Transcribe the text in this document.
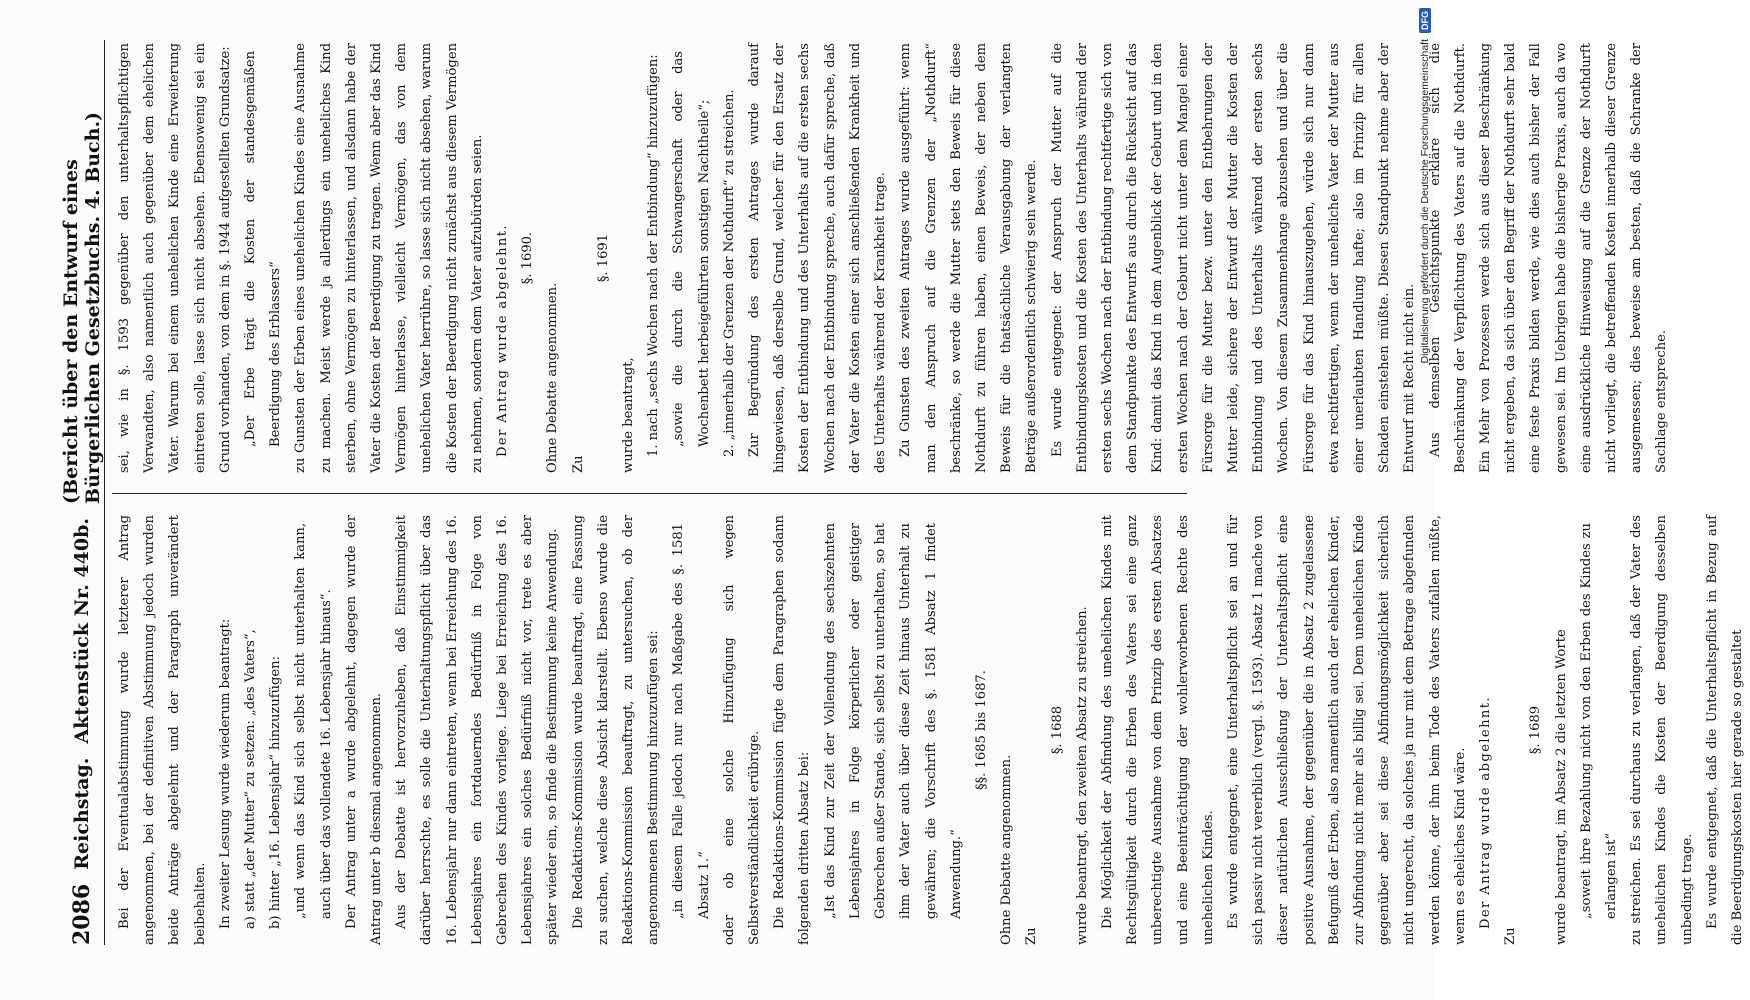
2086
Reichstag.
Aktenstück Nr. 440b.
(Bericht über den Entwurf eines Bürgerlichen Gesetzbuchs. 4. Buch.)

Bei der Eventualabstimmung wurde letzterer Antrag angenommen, bei der definitiven Abstimmung jedoch wurden beide Anträge abgelehnt und der Paragraph unverändert beibehalten. In zweiter Lesung wurde wiederum beantragt: a) statt „der Mutter“ zu setzen: „des Vaters“, b) hinter „16. Lebensjahr“ hinzuzufügen: „und wenn das Kind sich selbst nicht unterhalten kann, auch über das vollendete 16. Lebensjahr hinaus“. Der Antrag unter a wurde abgelehnt, dagegen wurde der Antrag unter b diesmal angenommen. Aus der Debatte ist hervorzuheben, daß Einstimmigkeit darüber herrschte, es solle die Unterhaltungspflicht über das 16. Lebensjahr nur dann eintreten, wenn bei Erreichung des 16. Lebensjahres ein fortdauerndes Bedürfniß in Folge von Gebrechen des Kindes vorliege. Liege bei Erreichung des 16. Lebensjahres ein solches Bedürfniß nicht vor, trete es aber später wieder ein, so finde die Bestimmung keine Anwendung. Die Redaktions-Kommission wurde beauftragt, eine Fassung zu suchen, welche diese Absicht klarstellt. Ebenso wurde die Redaktions-Kommission beauftragt, zu untersuchen, ob der angenommenen Bestimmung hinzuzufügen sei: „in diesem Falle jedoch nur nach Maßgabe des §. 1581 Absatz 1.“ oder ob eine solche Hinzufügung sich wegen Selbstverständlichkeit erübrige. Die Redaktions-Kommission fügte dem Paragraphen sodann folgenden dritten Absatz bei: „Ist das Kind zur Zeit der Vollendung des sechszehnten Lebensjahres in Folge körperlicher oder geistiger Gebrechen außer Stande, sich selbst zu unterhalten, so hat ihm der Vater auch über diese Zeit hinaus Unterhalt zu gewähren; die Vorschrift des §. 1581 Absatz 1 findet Anwendung.“

§§. 1685 bis 1687.

Ohne Debatte angenommen. Zu

§. 1688 wurde beantragt, den zweiten Absatz zu streichen. Die Möglichkeit der Abfindung des unehelichen Kindes mit Rechtsgültigkeit durch die Erben des Vaters sei eine ganz unberechtigte Ausnahme von dem Prinzip des ersten Absatzes und eine Beeinträchtigung der wohlerworbenen Rechte des unehelichen Kindes. Es wurde entgegnet, eine Unterhaltspflicht sei an und für sich passiv nicht vererblich (vergl. §. 1593). Absatz 1 mache von dieser natürlichen Ausschließung der Unterhaltspflicht eine positive Ausnahme, der gegenüber die in Absatz 2 zugelassene Befugniß der Erben, also namentlich auch der ehelichen Kinder, zur Abfindung nicht mehr als billig sei. Dem unehelichen Kinde gegenüber aber sei diese Abfindungsmöglichkeit sicherlich nicht ungerecht, da solches ja nur mit dem Betrage abgefunden werden könne, der ihm beim Tode des Vaters zufallen müßte, wenn es eheliches Kind wäre. Der Antrag wurde abgelehnt.

Zu

§. 1689 wurde beantragt, im Absatz 2 die letzten Worte „soweit ihre Bezahlung nicht von den Erben des Kindes zu erlangen ist“ zu streichen. Es sei durchaus zu verlangen, daß der Vater des unehelichen Kindes die Kosten der Beerdigung desselben unbedingt trage. Es wurde entgegnet, daß die Unterhaltspflicht in Bezug auf die Beerdigungskosten hier gerade so gestaltet

sei, wie in §. 1593 gegenüber den unterhaltspflichtigen Verwandten, also namentlich auch gegenüber dem ehelichen Vater. Warum bei einem unehelichen Kinde eine Erweiterung eintreten solle, lasse sich nicht absehen. Ebensowenig sei ein Grund vorhanden, von dem in §. 1944 aufgestellten Grundsatze: „Der Erbe trägt die Kosten der standesgemäßen Beerdigung des Erblassers“ zu Gunsten der Erben eines unehelichen Kindes eine Ausnahme zu machen. Meist werde ja allerdings ein uneheliches Kind sterben, ohne Vermögen zu hinterlassen, und alsdann habe der Vater die Kosten der Beerdigung zu tragen. Wenn aber das Kind Vermögen hinterlasse, vielleicht Vermögen, das von dem unehelichen Vater herrühre, so lasse sich nicht absehen, warum die Kosten der Beerdigung nicht zunächst aus diesem Vermögen zu nehmen, sondern dem Vater aufzubürden seien. Der Antrag wurde abgelehnt. §. 1690.

Ohne Debatte angenommen. Zu

§. 1691

wurde beantragt, 1. nach „sechs Wochen nach der Entbindung“ hinzuzufügen: „sowie die durch die Schwangerschaft oder das Wochenbett herbeigeführten sonstigen Nachtheile“; 2. „innerhalb der Grenzen der Nothdurft“ zu streichen. Zur Begründung des ersten Antrages wurde darauf hingewiesen, daß derselbe Grund, welcher für den Ersatz der Kosten der Entbindung und des Unterhalts auf die ersten sechs Wochen nach der Entbindung spreche, auch dafür spreche, daß der Vater die Kosten einer sich anschließenden Krankheit und des Unterhalts während der Krankheit trage. Zu Gunsten des zweiten Antrages wurde ausgeführt: wenn man den Anspruch auf die Grenzen der „Nothdurft“ beschränke, so werde die Mutter stets den Beweis für diese Nothdurft zu führen haben, einen Beweis, der neben dem Beweis für die thatsächliche Verausgabung der verlangten Beträge außerordentlich schwierig sein werde. Es wurde entgegnet: der Anspruch der Mutter auf die Entbindungskosten und die Kosten des Unterhalts während der ersten sechs Wochen nach der Entbindung rechtfertige sich von dem Standpunkte des Entwurfs aus durch die Rücksicht auf das Kind: damit das Kind in dem Augenblick der Geburt und in den ersten Wochen nach der Geburt nicht unter dem Mangel einer Fürsorge für die Mutter bezw. unter den Entbehrungen der Mutter leide, sichere der Entwurf der Mutter die Kosten der Entbindung und des Unterhalts während der ersten sechs Wochen. Von diesem Zusammenhange abzusehen und über die Fürsorge für das Kind hinauszugehen, würde sich nur dann etwa rechtfertigen, wenn der uneheliche Vater der Mutter aus einer unerlaubten Handlung hafte; also im Prinzip für allen Schaden einstehen müßte. Diesen Standpunkt nehme aber der Entwurf mit Recht nicht ein. Aus demselben Gesichtspunkte erkläre sich die Beschränkung der Verpflichtung des Vaters auf die Nothdurft. Ein Mehr von Prozessen werde sich aus dieser Beschränkung nicht ergeben, da sich über den Begriff der Nothdurft sehr bald eine feste Praxis bilden werde, wie dies auch bisher der Fall gewesen sei. Im Uebrigen habe die bisherige Praxis, auch da wo eine ausdrückliche Hinweisung auf die Grenze der Nothdurft nicht vorliegt, die betreffenden Kosten innerhalb dieser Grenze ausgemessen; dies beweise am besten, daß die Schranke der Sachlage entspreche.

Digitalisierung gefördert durch die Deutsche Forschungsgemeinschaft
DFG
